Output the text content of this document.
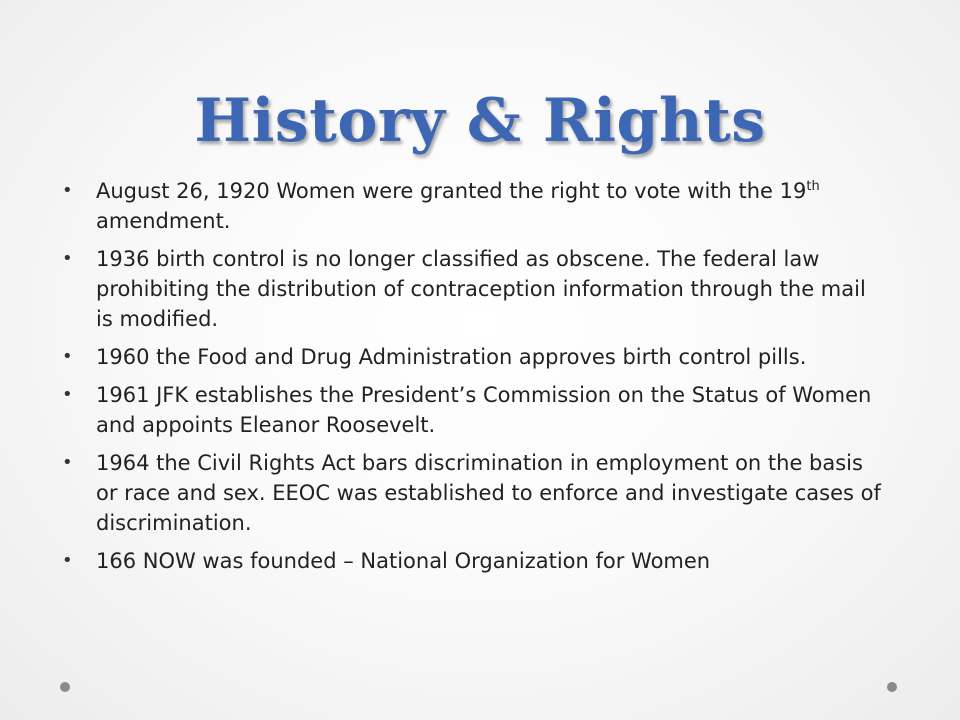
History & Rights
• August 26, 1920 Women were granted the right to vote with the 19th amendment.
• 1936 birth control is no longer classified as obscene. The federal law prohibiting the distribution of contraception information through the mail is modified.
• 1960 the Food and Drug Administration approves birth control pills.
• 1961 JFK establishes the President’s Commission on the Status of Women and appoints Eleanor Roosevelt.
• 1964 the Civil Rights Act bars discrimination in employment on the basis or race and sex. EEOC was established to enforce and investigate cases of discrimination.
• 166 NOW was founded – National Organization for Women
